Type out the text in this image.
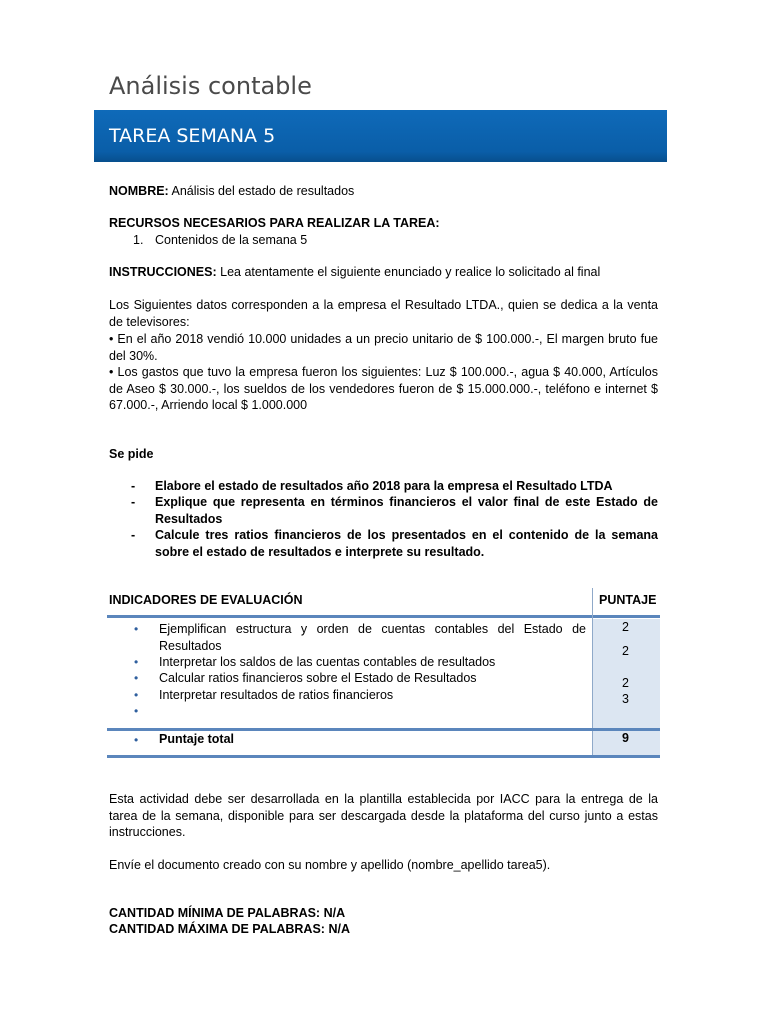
Análisis contable
TAREA SEMANA 5
NOMBRE: Análisis del estado de resultados
RECURSOS NECESARIOS PARA REALIZAR LA TAREA:
1. Contenidos de la semana 5
INSTRUCCIONES: Lea atentamente el siguiente enunciado y realice lo solicitado al final
Los Siguientes datos corresponden a la empresa el Resultado LTDA., quien se dedica a la venta de televisores:
• En el año 2018 vendió 10.000 unidades a un precio unitario de $ 100.000.-, El margen bruto fue del 30%.
• Los gastos que tuvo la empresa fueron los siguientes: Luz $ 100.000.-, agua $ 40.000, Artículos de Aseo $ 30.000.-, los sueldos de los vendedores fueron de $ 15.000.000.-, teléfono e internet $ 67.000.-, Arriendo local $ 1.000.000
Se pide
- Elabore el estado de resultados año 2018 para la empresa el Resultado LTDA
- Explique que representa en términos financieros el valor final de este Estado de Resultados
- Calcule tres ratios financieros de los presentados en el contenido de la semana sobre el estado de resultados e interprete su resultado.
INDICADORES DE EVALUACIÓN	PUNTAJE
• Ejemplifican estructura y orden de cuentas contables del Estado de Resultados
• Interpretar los saldos de las cuentas contables de resultados
• Calcular ratios financieros sobre el Estado de Resultados
• Interpretar resultados de ratios financieros
•
2
2
2
3
• Puntaje total	9
Esta actividad debe ser desarrollada en la plantilla establecida por IACC para la entrega de la tarea de la semana, disponible para ser descargada desde la plataforma del curso junto a estas instrucciones.
Envíe el documento creado con su nombre y apellido (nombre_apellido tarea5).
CANTIDAD MÍNIMA DE PALABRAS: N/A
CANTIDAD MÁXIMA DE PALABRAS: N/A
